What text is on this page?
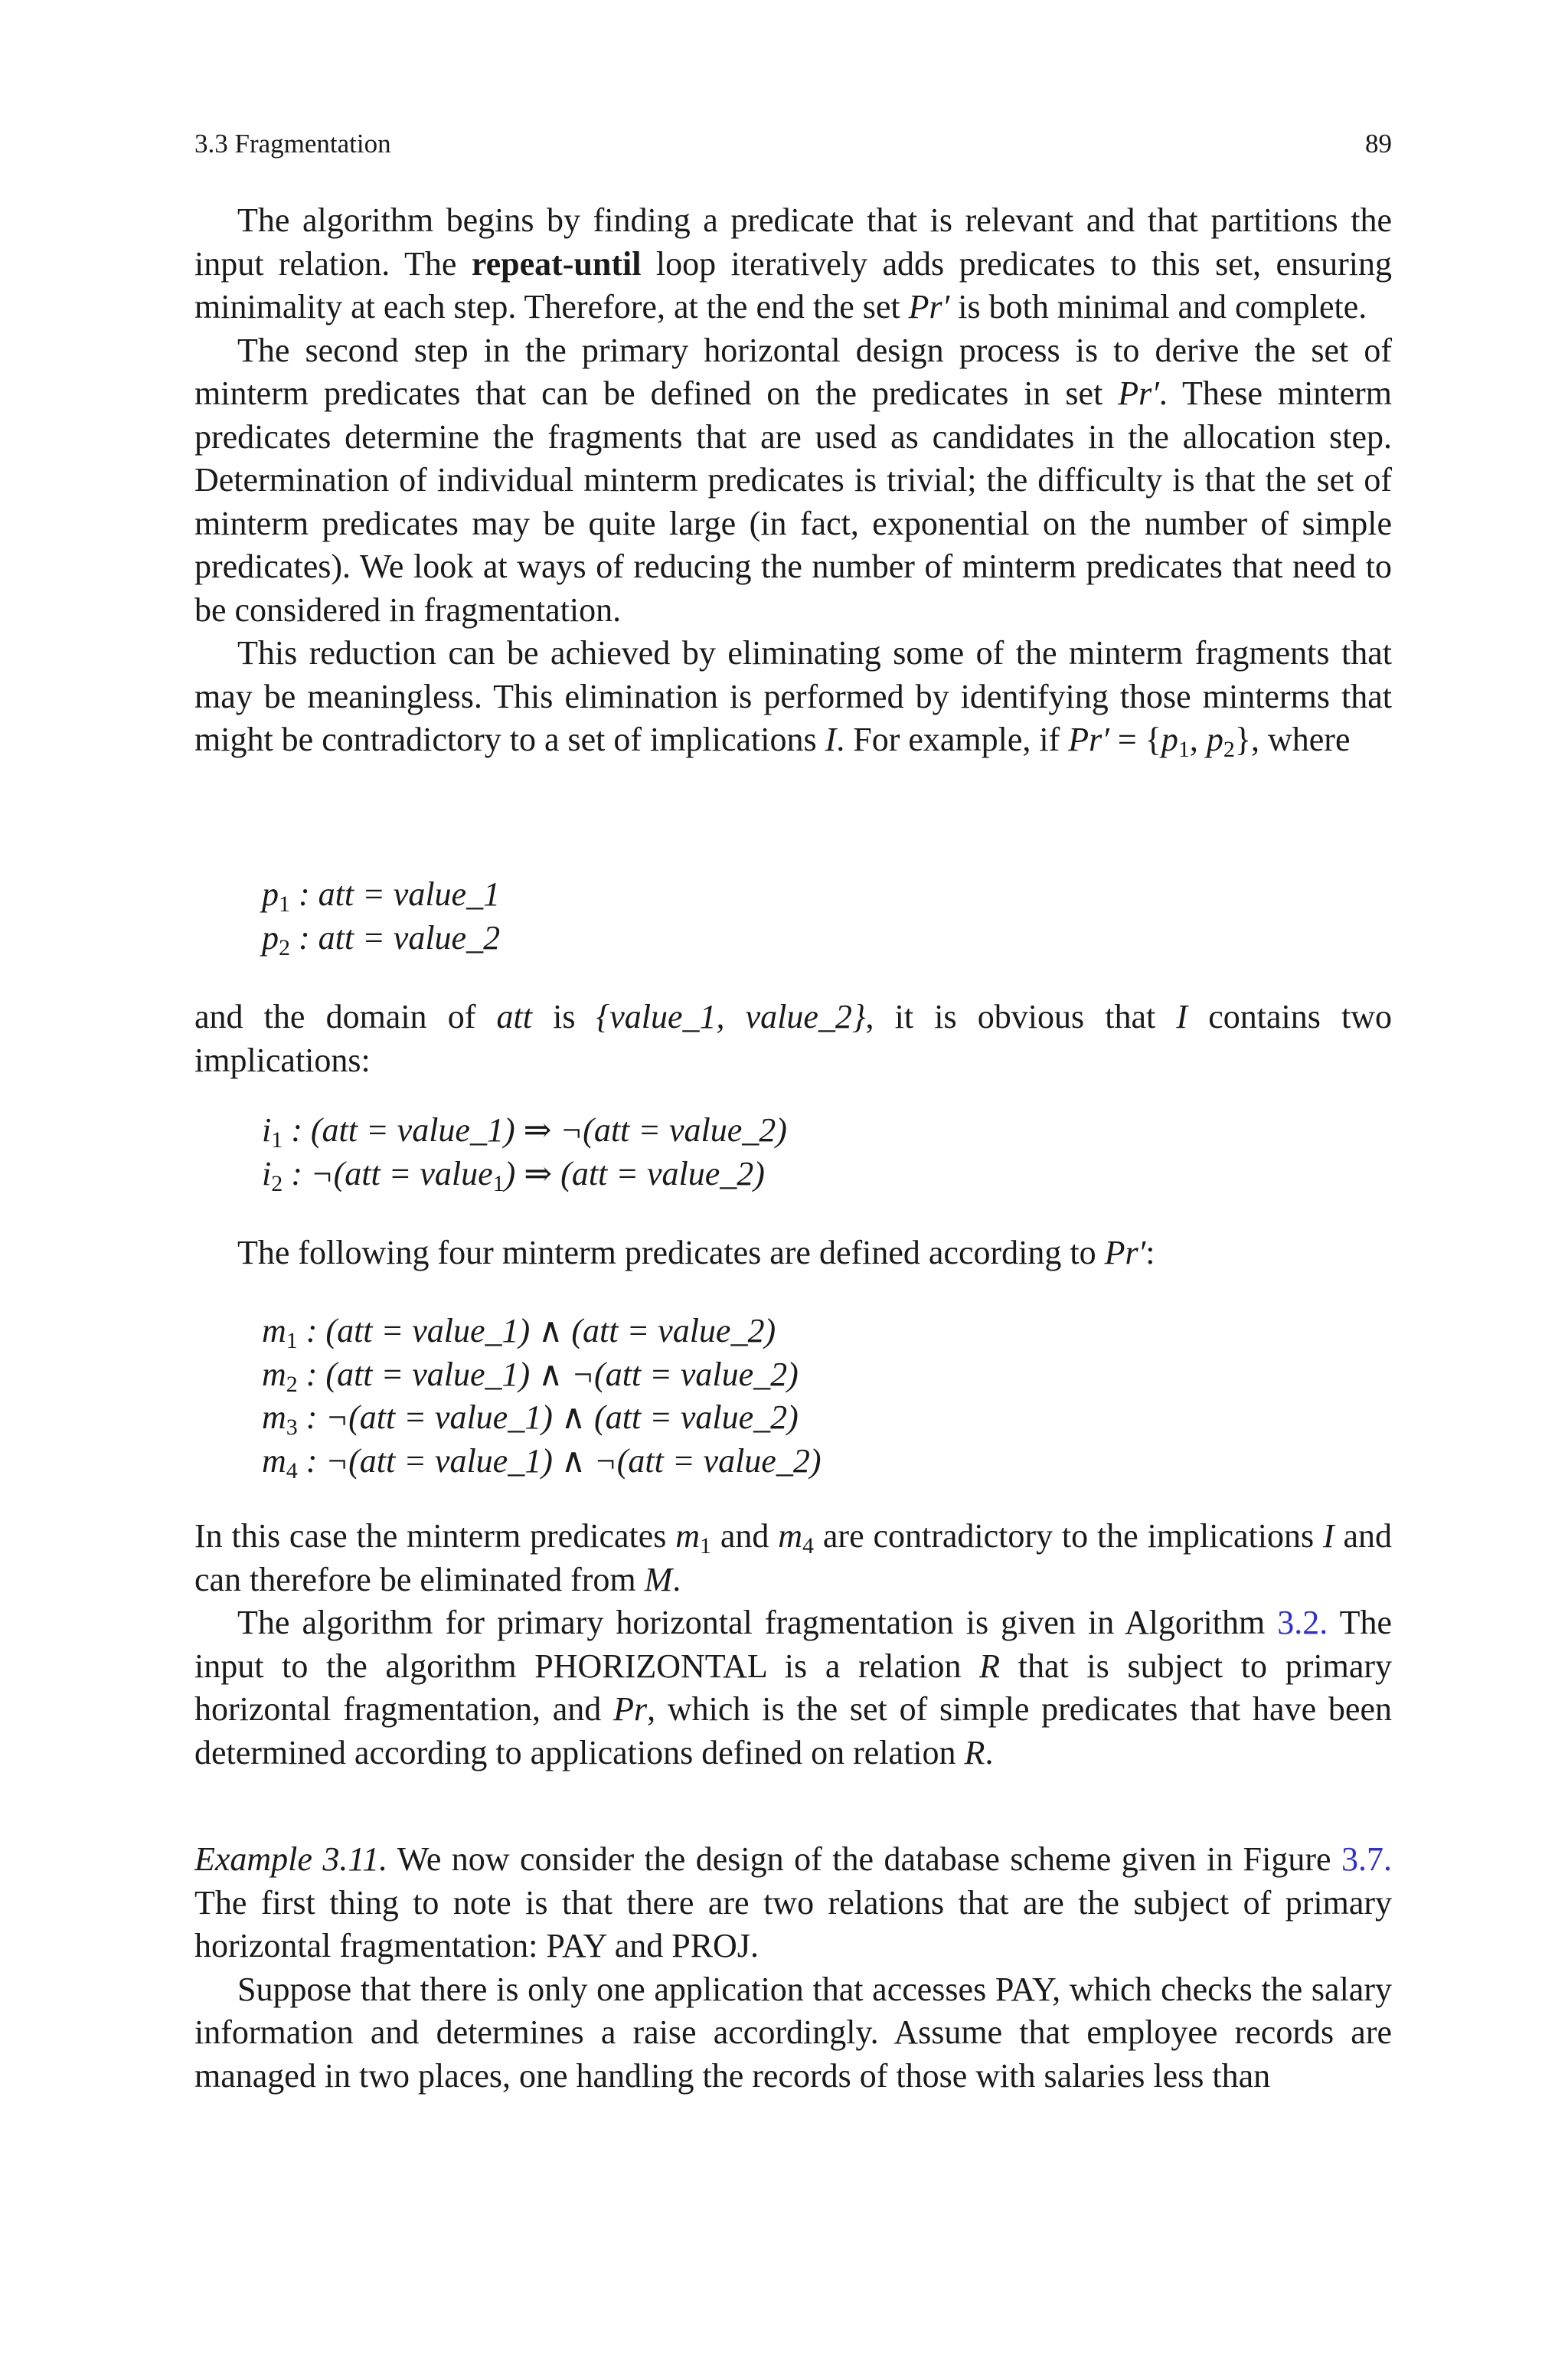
3.3 Fragmentation	89

The algorithm begins by finding a predicate that is relevant and that partitions the input relation. The repeat-until loop iteratively adds predicates to this set, ensuring minimality at each step. Therefore, at the end the set Pr′ is both minimal and complete.

The second step in the primary horizontal design process is to derive the set of minterm predicates that can be defined on the predicates in set Pr′. These minterm predicates determine the fragments that are used as candidates in the allocation step. Determination of individual minterm predicates is trivial; the difficulty is that the set of minterm predicates may be quite large (in fact, exponential on the number of simple predicates). We look at ways of reducing the number of minterm predicates that need to be considered in fragmentation.

This reduction can be achieved by eliminating some of the minterm fragments that may be meaningless. This elimination is performed by identifying those minterms that might be contradictory to a set of implications I. For example, if $Pr' = \{p_1$, $p_2$}, where

$p_1$ : att = value_1
$p_2$ : att = value_2

and the domain of att is {value_1, value_2}, it is obvious that I contains two implications:

$i_1$ : (att = value_1) ⇒ ¬(att = value_2)
$i_2$ : ¬(att = value$_1$) ⇒ (att = value_2)

The following four minterm predicates are defined according to Pr′:

$m_1$ : (att = value_1) ∧ (att = value_2)
$m_2$ : (att = value_1) ∧ ¬(att = value_2)
$m_3$ : ¬(att = value_1) ∧ (att = value_2)
$m_4$ : ¬(att = value_1) ∧ ¬(att = value_2)

In this case the minterm predicates $m_1$ and $m_4$ are contradictory to the implications I and can therefore be eliminated from M.

The algorithm for primary horizontal fragmentation is given in Algorithm 3.2. The input to the algorithm PHORIZONTAL is a relation R that is subject to primary horizontal fragmentation, and Pr, which is the set of simple predicates that have been determined according to applications defined on relation R.

Example 3.11. We now consider the design of the database scheme given in Figure 3.7. The first thing to note is that there are two relations that are the subject of primary horizontal fragmentation: PAY and PROJ.

Suppose that there is only one application that accesses PAY, which checks the salary information and determines a raise accordingly. Assume that employee records are managed in two places, one handling the records of those with salaries less than
